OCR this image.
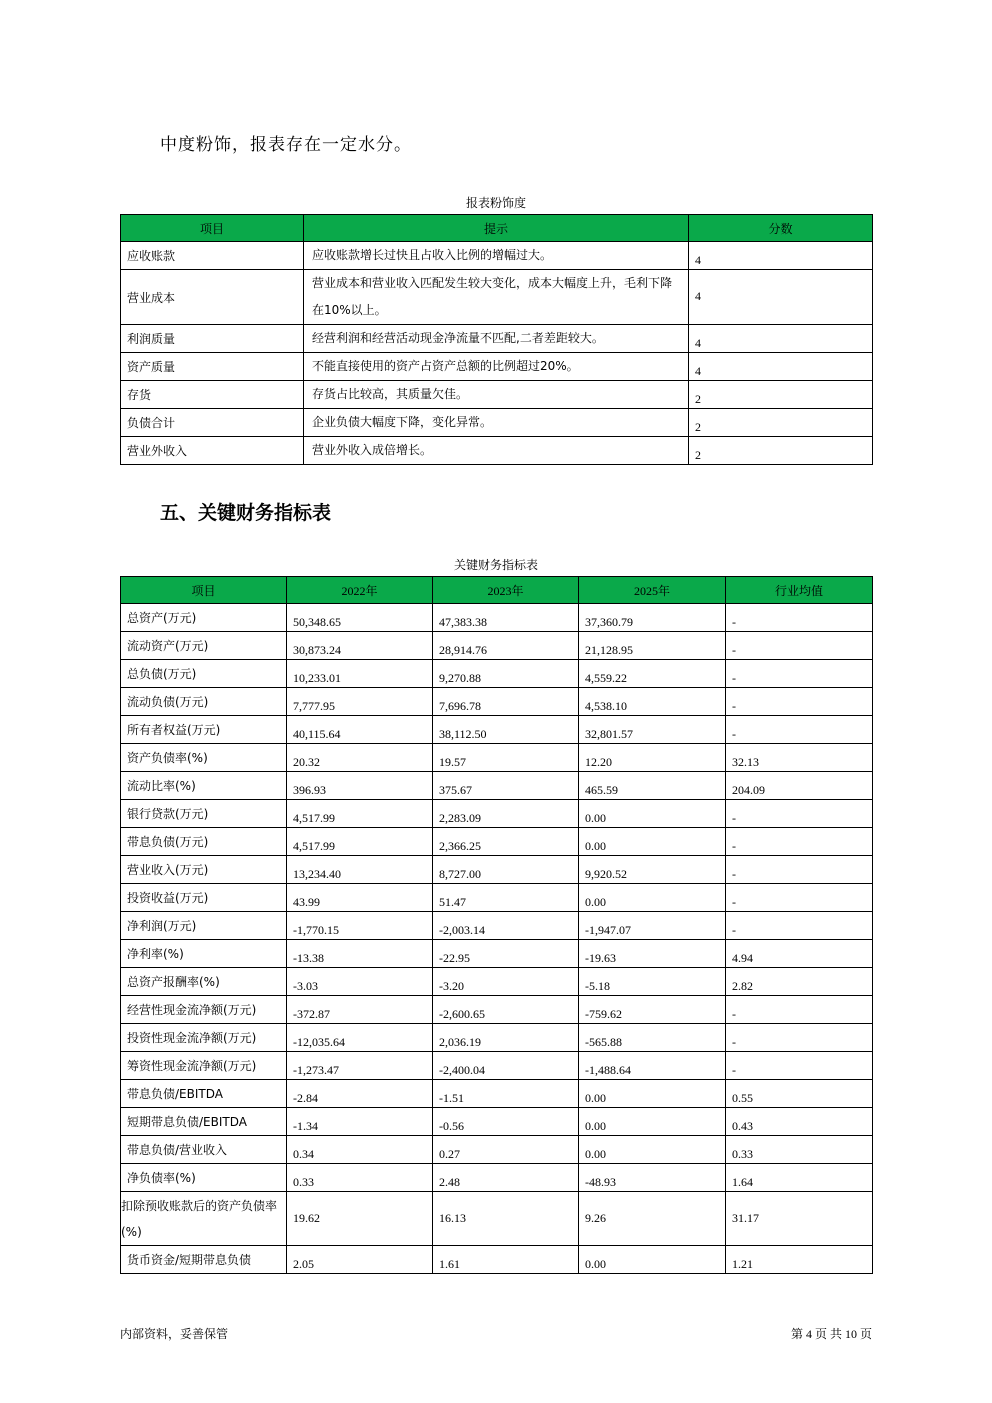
中度粉饰，报表存在一定水分。
报表粉饰度
项目	提示	分数
应收账款	应收账款增长过快且占收入比例的增幅过大。	4
营业成本	营业成本和营业收入匹配发生较大变化，成本大幅度上升，毛利下降在10%以上。	4
利润质量	经营利润和经营活动现金净流量不匹配,二者差距较大。	4
资产质量	不能直接使用的资产占资产总额的比例超过20%。	4
存货	存货占比较高，其质量欠佳。	2
负债合计	企业负债大幅度下降，变化异常。	2
营业外收入	营业外收入成倍增长。	2
五、关键财务指标表
关键财务指标表
项目	2022年	2023年	2025年	行业均值
总资产(万元)	50,348.65	47,383.38	37,360.79	-
流动资产(万元)	30,873.24	28,914.76	21,128.95	-
总负债(万元)	10,233.01	9,270.88	4,559.22	-
流动负债(万元)	7,777.95	7,696.78	4,538.10	-
所有者权益(万元)	40,115.64	38,112.50	32,801.57	-
资产负债率(%)	20.32	19.57	12.20	32.13
流动比率(%)	396.93	375.67	465.59	204.09
银行贷款(万元)	4,517.99	2,283.09	0.00	-
带息负债(万元)	4,517.99	2,366.25	0.00	-
营业收入(万元)	13,234.40	8,727.00	9,920.52	-
投资收益(万元)	43.99	51.47	0.00	-
净利润(万元)	-1,770.15	-2,003.14	-1,947.07	-
净利率(%)	-13.38	-22.95	-19.63	4.94
总资产报酬率(%)	-3.03	-3.20	-5.18	2.82
经营性现金流净额(万元)	-372.87	-2,600.65	-759.62	-
投资性现金流净额(万元)	-12,035.64	2,036.19	-565.88	-
筹资性现金流净额(万元)	-1,273.47	-2,400.04	-1,488.64	-
带息负债/EBITDA	-2.84	-1.51	0.00	0.55
短期带息负债/EBITDA	-1.34	-0.56	0.00	0.43
带息负债/营业收入	0.34	0.27	0.00	0.33
净负债率(%)	0.33	2.48	-48.93	1.64
扣除预收账款后的资产负债率(%)	19.62	16.13	9.26	31.17
货币资金/短期带息负债	2.05	1.61	0.00	1.21
内部资料，妥善保管	第 4 页 共 10 页
